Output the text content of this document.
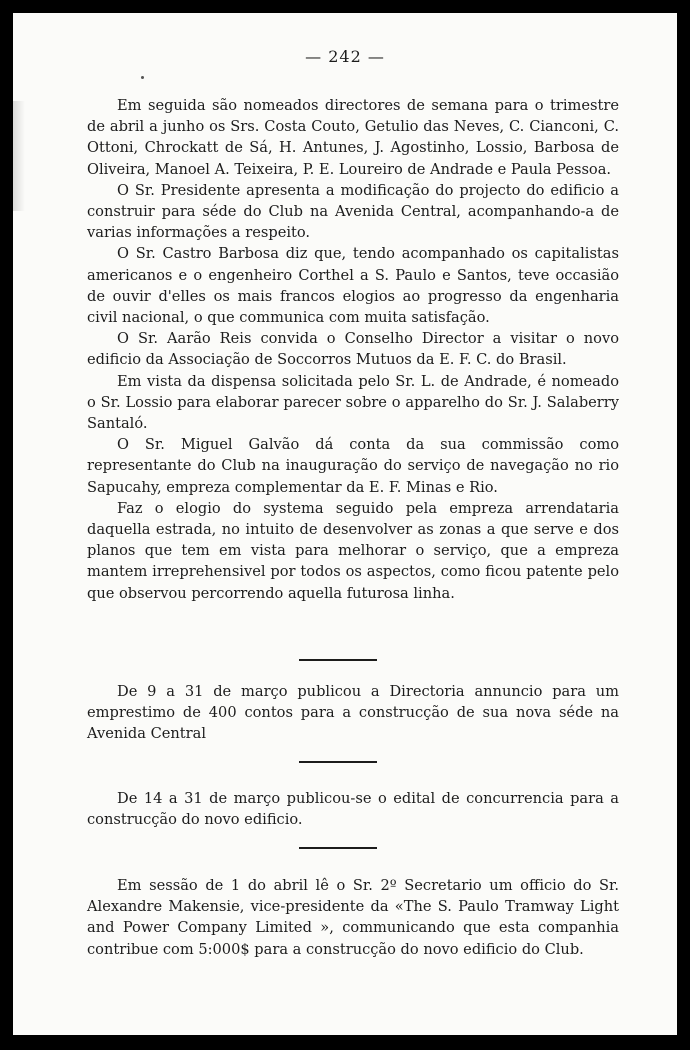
— 242 —

Em seguida são nomeados directores de semana para o trimestre de abril a junho os Srs. Costa Couto, Getulio das Neves, C. Cianconi, C. Ottoni, Chrockatt de Sá, H. Antunes, J. Agostinho, Lossio, Barbosa de Oliveira, Manoel A. Teixeira, P. E. Loureiro de Andrade e Paula Pessoa.

O Sr. Presidente apresenta a modificação do projecto do edificio a construir para séde do Club na Avenida Central, acompanhando-a de varias informações a respeito.

O Sr. Castro Barbosa diz que, tendo acompanhado os capitalistas americanos e o engenheiro Corthel a S. Paulo e Santos, teve occasião de ouvir d'elles os mais francos elogios ao progresso da engenharia civil nacional, o que communica com muita satisfação.

O Sr. Aarão Reis convida o Conselho Director a visitar o novo edificio da Associação de Soccorros Mutuos da E. F. C. do Brasil.

Em vista da dispensa solicitada pelo Sr. L. de Andrade, é nomeado o Sr. Lossio para elaborar parecer sobre o apparelho do Sr. J. Salaberry Santaló.

O Sr. Miguel Galvão dá conta da sua commissão como representante do Club na inauguração do serviço de navegação no rio Sapucahy, empreza complementar da E. F. Minas e Rio.

Faz o elogio do systema seguido pela empreza arrendataria daquella estrada, no intuito de desenvolver as zonas a que serve e dos planos que tem em vista para melhorar o serviço, que a empreza mantem irreprehensivel por todos os aspectos, como ficou patente pelo que observou percorrendo aquella futurosa linha.

De 9 a 31 de março publicou a Directoria annuncio para um emprestimo de 400 contos para a construcção de sua nova séde na Avenida Central

De 14 a 31 de março publicou-se o edital de concurrencia para a construcção do novo edificio.

Em sessão de 1 do abril lê o Sr. 2º Secretario um officio do Sr. Alexandre Makensie, vice-presidente da «The S. Paulo Tramway Light and Power Company Limited », communicando que esta companhia contribue com 5:000$ para a construcção do novo edificio do Club.
